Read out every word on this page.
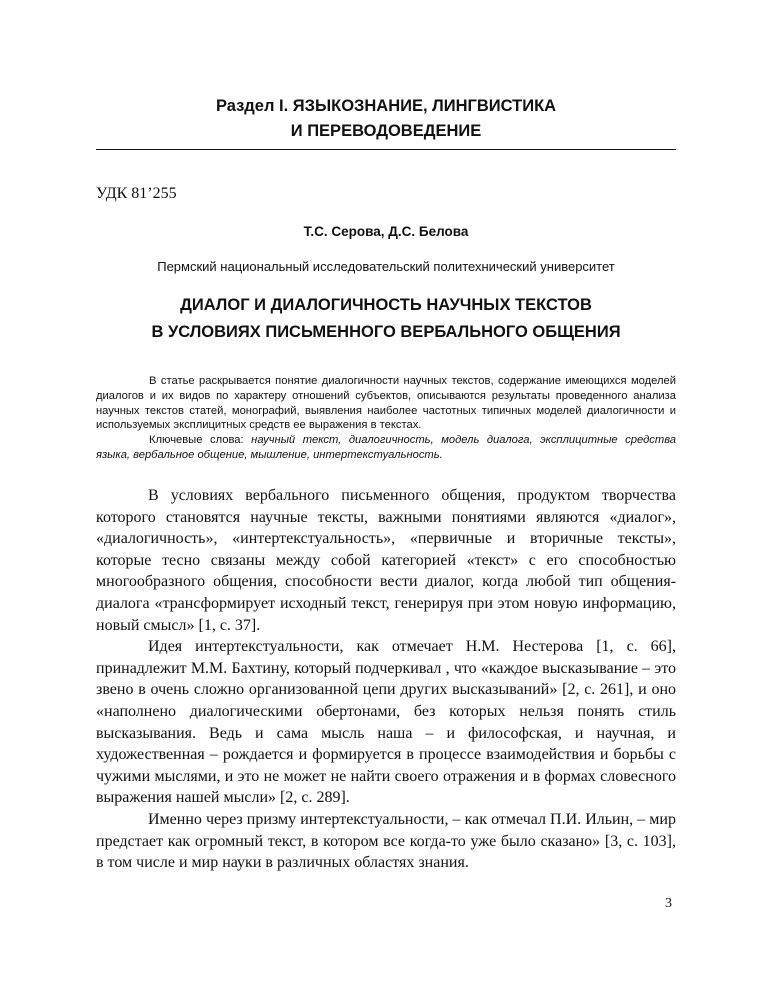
Раздел I. ЯЗЫКОЗНАНИЕ, ЛИНГВИСТИКА
И ПЕРЕВОДОВЕДЕНИЕ
УДК 81’255
Т.С. Серова, Д.С. Белова
Пермский национальный исследовательский политехнический университет
ДИАЛОГ И ДИАЛОГИЧНОСТЬ НАУЧНЫХ ТЕКСТОВ
В УСЛОВИЯХ ПИСЬМЕННОГО ВЕРБАЛЬНОГО ОБЩЕНИЯ

В статье раскрывается понятие диалогичности научных текстов, содержание имеющихся моделей диалогов и их видов по характеру отношений субъектов, описываются результаты проведенного анализа научных текстов статей, монографий, выявления наиболее частотных типичных моделей диалогичности и используемых эксплицитных средств ее выражения в текстах.

Ключевые слова: научный текст, диалогичность, модель диалога, эксплицитные средства языка, вербальное общение, мышление, интертекстуальность.

В условиях вербального письменного общения, продуктом творчества которого становятся научные тексты, важными понятиями являются «диалог», «диалогичность», «интертекстуальность», «первичные и вторичные тексты», которые тесно связаны между собой категорией «текст» с его способностью многообразного общения, способности вести диалог, когда любой тип общения-диалога «трансформирует исходный текст, генерируя при этом новую информацию, новый смысл» [1, с. 37].

Идея интертекстуальности, как отмечает Н.М. Нестерова [1, с. 66], принадлежит М.М. Бахтину, который подчеркивал , что «каждое высказывание – это звено в очень сложно организованной цепи других высказываний» [2, с. 261], и оно «наполнено диалогическими обертонами, без которых нельзя понять стиль высказывания. Ведь и сама мысль наша – и философская, и научная, и художественная – рождается и формируется в процессе взаимодействия и борьбы с чужими мыслями, и это не может не найти своего отражения и в формах словесного выражения нашей мысли» [2, с. 289].

Именно через призму интертекстуальности, – как отмечал П.И. Ильин, – мир предстает как огромный текст, в котором все когда-то уже было сказано» [3, с. 103], в том числе и мир науки в различных областях знания.

3
